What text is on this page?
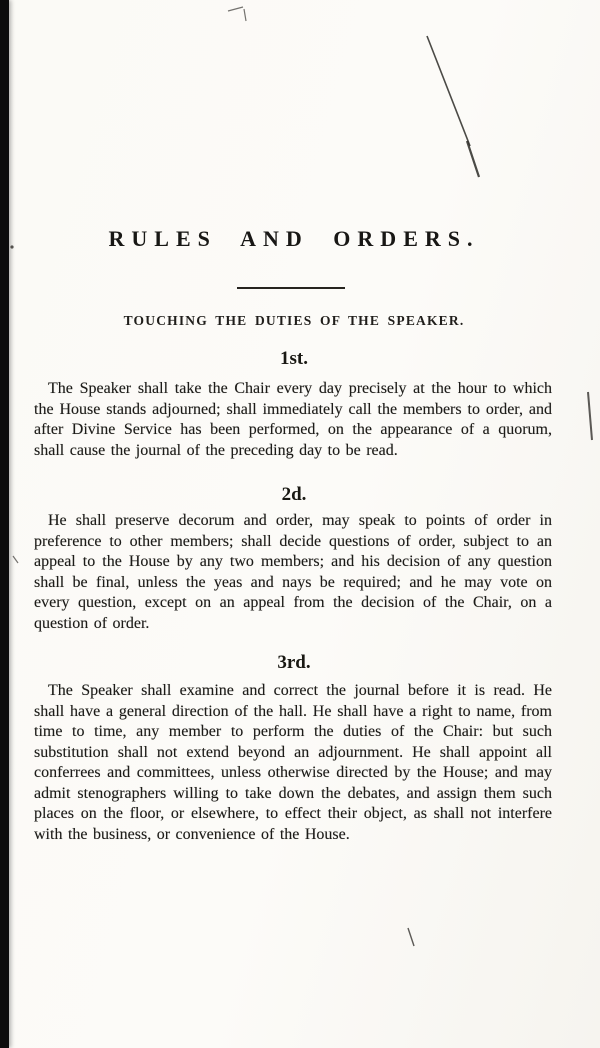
RULES AND ORDERS.
TOUCHING THE DUTIES OF THE SPEAKER.
1st.

The Speaker shall take the Chair every day precisely at the hour to which the House stands adjourned; shall immediately call the members to order, and after Divine Service has been performed, on the appearance of a quorum, shall cause the journal of the preceding day to be read.

2d.

He shall preserve decorum and order, may speak to points of order in preference to other members; shall decide questions of order, subject to an appeal to the House by any two members; and his decision of any question shall be final, unless the yeas and nays be required; and he may vote on every question, except on an appeal from the decision of the Chair, on a question of order.

3rd.

The Speaker shall examine and correct the journal before it is read. He shall have a general direction of the hall. He shall have a right to name, from time to time, any member to perform the duties of the Chair: but such substitution shall not extend beyond an adjournment. He shall appoint all conferrees and committees, unless otherwise directed by the House; and may admit stenographers willing to take down the debates, and assign them such places on the floor, or elsewhere, to effect their object, as shall not interfere with the business, or convenience of the House.
